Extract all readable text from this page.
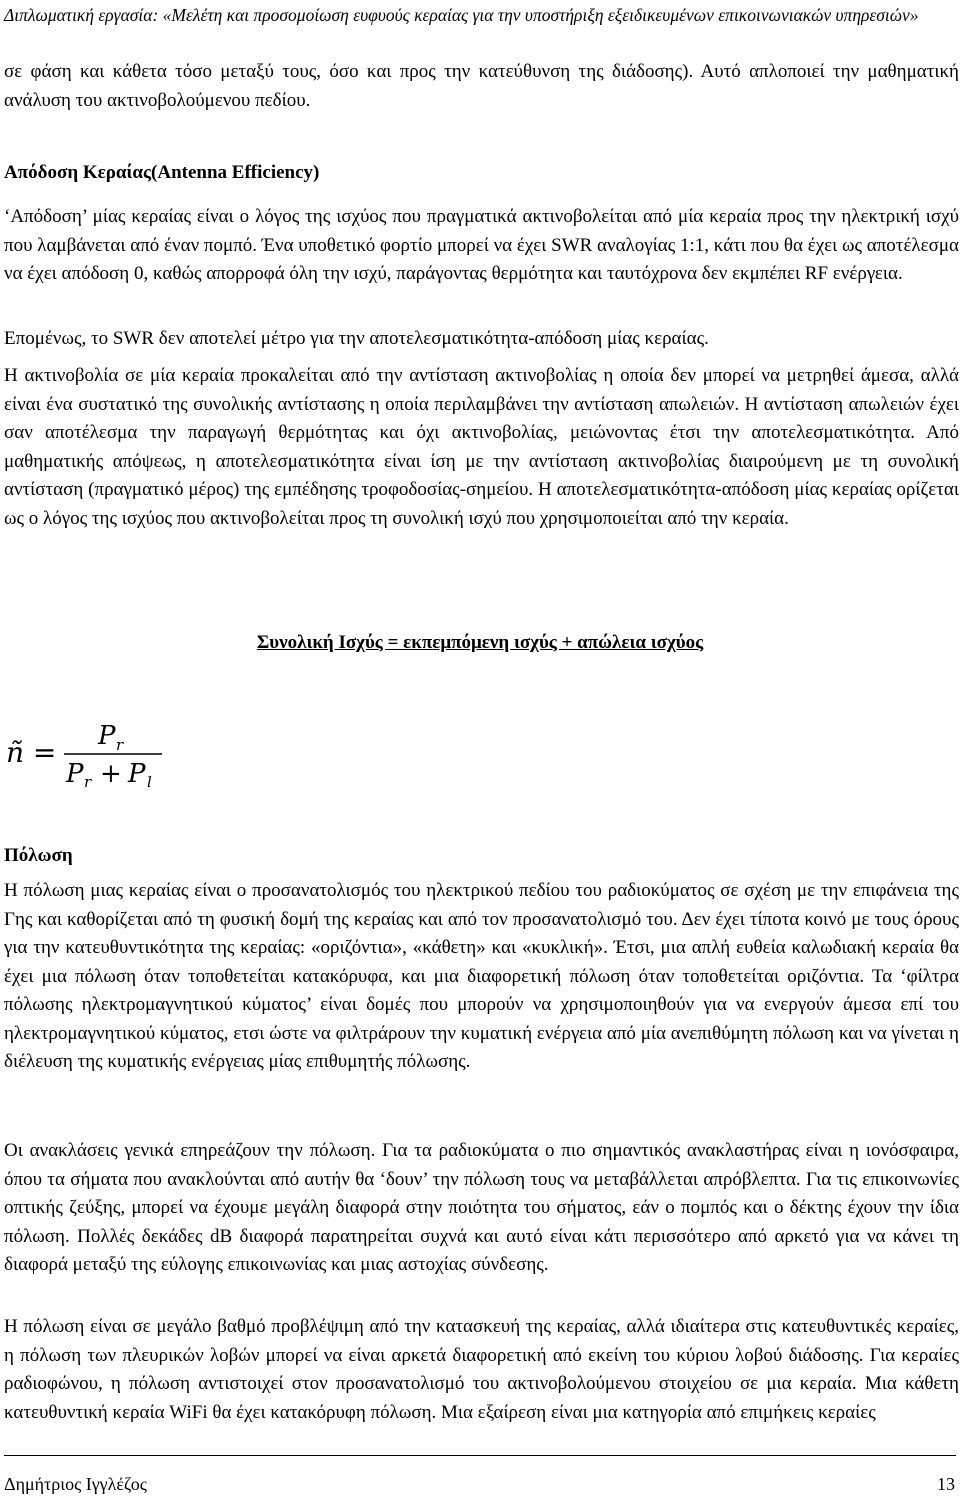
Διπλωματική εργασία: «Μελέτη και προσομοίωση ευφυούς κεραίας για την υποστήριξη εξειδικευμένων επικοινωνιακών υπηρεσιών»

σε φάση και κάθετα τόσο μεταξύ τους, όσο και προς την κατεύθυνση της διάδοσης). Αυτό απλοποιεί την μαθηματική ανάλυση του ακτινοβολούμενου πεδίου.

Απόδοση Κεραίας(Antenna Efficiency)

‘Απόδοση’ μίας κεραίας είναι ο λόγος της ισχύος που πραγματικά ακτινοβολείται από μία κεραία προς την ηλεκτρική ισχύ που λαμβάνεται από έναν πομπό. Ένα υποθετικό φορτίο μπορεί να έχει SWR αναλογίας 1:1, κάτι που θα έχει ως αποτέλεσμα να έχει απόδοση 0, καθώς απορροφά όλη την ισχύ, παράγοντας θερμότητα και ταυτόχρονα δεν εκμπέπει RF ενέργεια.

Επομένως, το SWR δεν αποτελεί μέτρο για την αποτελεσματικότητα-απόδοση μίας κεραίας.

Η ακτινοβολία σε μία κεραία προκαλείται από την αντίσταση ακτινοβολίας η οποία δεν μπορεί να μετρηθεί άμεσα, αλλά είναι ένα συστατικό της συνολικής αντίστασης η οποία περιλαμβάνει την αντίσταση απωλειών. Η αντίσταση απωλειών έχει σαν αποτέλεσμα την παραγωγή θερμότητας και όχι ακτινοβολίας, μειώνοντας έτσι την αποτελεσματικότητα. Από μαθηματικής απόψεως, η αποτελεσματικότητα είναι ίση με την αντίσταση ακτινοβολίας διαιρούμενη με τη συνολική αντίσταση (πραγματικό μέρος) της εμπέδησης τροφοδοσίας-σημείου. Η αποτελεσματικότητα-απόδοση μίας κεραίας ορίζεται ως ο λόγος της ισχύος που ακτινοβολείται προς τη συνολική ισχύ που χρησιμοποιείται από την κεραία.

Συνολική Ισχύς = εκπεμπόμενη ισχύς + απώλεια ισχύος
ñ = P r
P r + P l
Πόλωση

Η πόλωση μιας κεραίας είναι ο προσανατολισμός του ηλεκτρικού πεδίου του ραδιοκύματος σε σχέση με την επιφάνεια της Γης και καθορίζεται από τη φυσική δομή της κεραίας και από τον προσανατολισμό του. Δεν έχει τίποτα κοινό με τους όρους για την κατευθυντικότητα της κεραίας: «οριζόντια», «κάθετη» και «κυκλική». Έτσι, μια απλή ευθεία καλωδιακή κεραία θα έχει μια πόλωση όταν τοποθετείται κατακόρυφα, και μια διαφορετική πόλωση όταν τοποθετείται οριζόντια. Τα ‘φίλτρα πόλωσης ηλεκτρομαγνητικού κύματος’ είναι δομές που μπορούν να χρησιμοποιηθούν για να ενεργούν άμεσα επί του ηλεκτρομαγνητικού κύματος, ετσι ώστε να φιλτράρουν την κυματική ενέργεια από μία ανεπιθύμητη πόλωση και να γίνεται η διέλευση της κυματικής ενέργειας μίας επιθυμητής πόλωσης.

Οι ανακλάσεις γενικά επηρεάζουν την πόλωση. Για τα ραδιοκύματα ο πιο σημαντικός ανακλαστήρας είναι η ιονόσφαιρα, όπου τα σήματα που ανακλούνται από αυτήν θα ‘δουν’ την πόλωση τους να μεταβάλλεται απρόβλεπτα. Για τις επικοινωνίες οπτικής ζεύξης, μπορεί να έχουμε μεγάλη διαφορά στην ποιότητα του σήματος, εάν ο πομπός και ο δέκτης έχουν την ίδια πόλωση. Πολλές δεκάδες dB διαφορά παρατηρείται συχνά και αυτό είναι κάτι περισσότερο από αρκετό για να κάνει τη διαφορά μεταξύ της εύλογης επικοινωνίας και μιας αστοχίας σύνδεσης.

Η πόλωση είναι σε μεγάλο βαθμό προβλέψιμη από την κατασκευή της κεραίας, αλλά ιδιαίτερα στις κατευθυντικές κεραίες, η πόλωση των πλευρικών λοβών μπορεί να είναι αρκετά διαφορετική από εκείνη του κύριου λοβού διάδοσης. Για κεραίες ραδιοφώνου, η πόλωση αντιστοιχεί στον προσανατολισμό του ακτινοβολούμενου στοιχείου σε μια κεραία. Μια κάθετη κατευθυντική κεραία WiFi θα έχει κατακόρυφη πόλωση. Μια εξαίρεση είναι μια κατηγορία από επιμήκεις κεραίες

Δημήτριος Ιγγλέζος	13
